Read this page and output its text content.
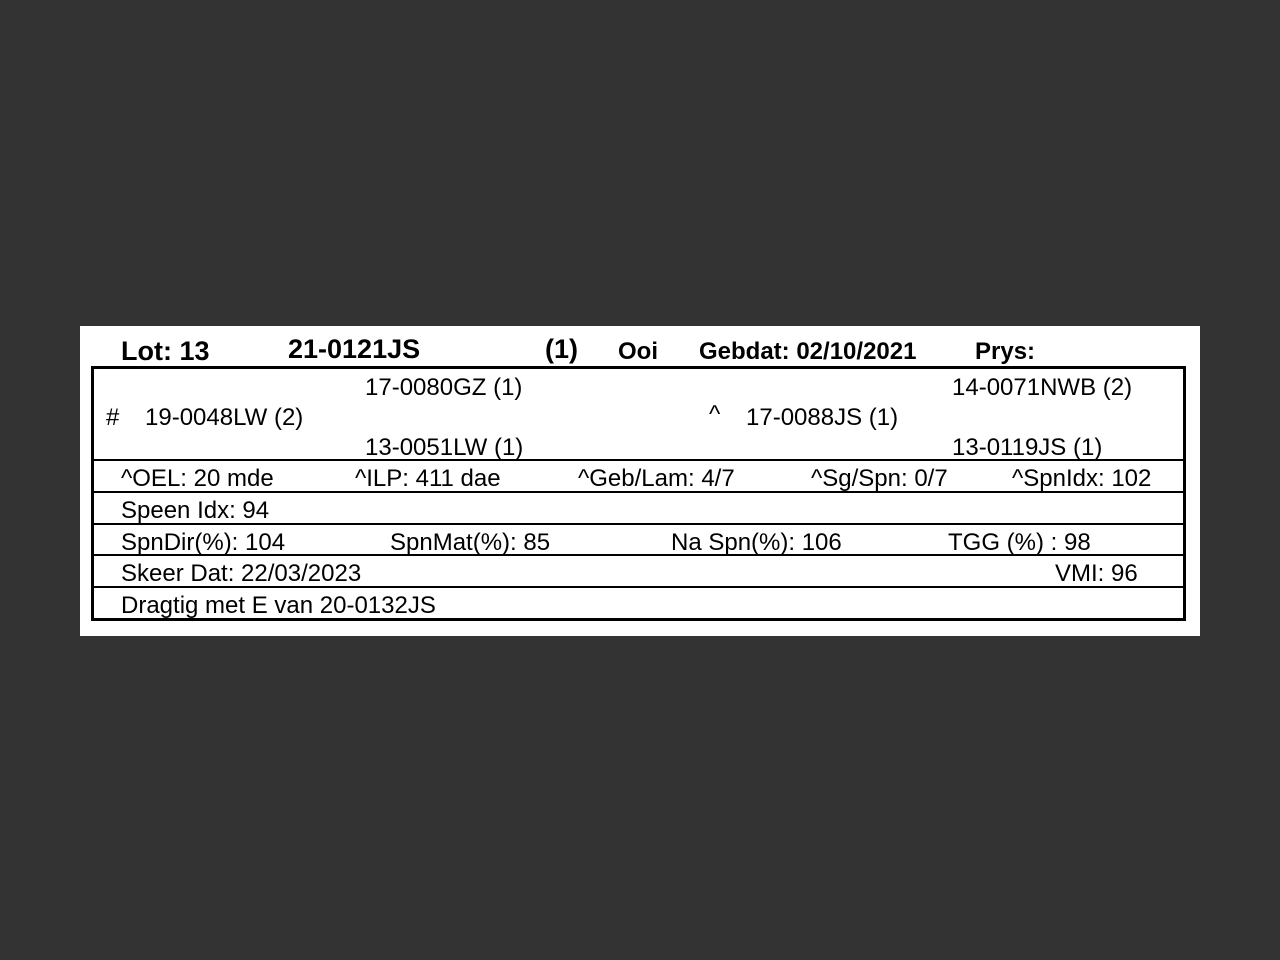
Lot: 13	21-0121JS	(1) Ooi Gebdat: 02/10/2021 Prys:
17-0080GZ (1)	14-0071NWB (2)
# 19-0048LW (2)	^ 17-0088JS (1)
13-0051LW (1)	13-0119JS (1)
^OEL: 20 mde	^ILP: 411 dae	^Geb/Lam: 4/7	^Sg/Spn: 0/7	^SpnIdx: 102
Speen Idx: 94
SpnDir(%): 104	SpnMat(%): 85	Na Spn(%): 106	TGG (%) : 98
Skeer Dat: 22/03/2023	VMI: 96
Dragtig met E van 20-0132JS
